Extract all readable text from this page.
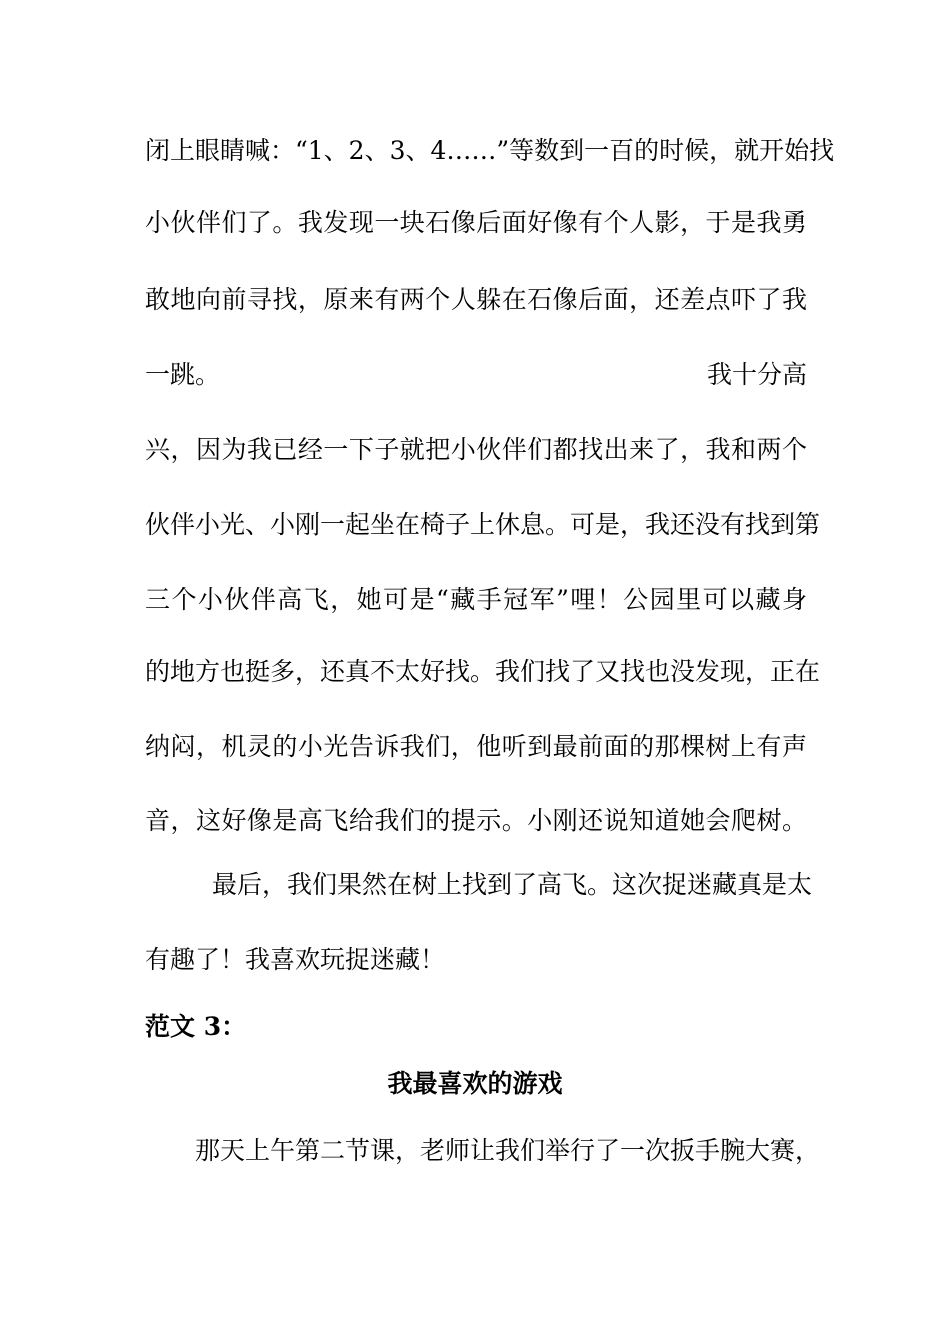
闭上眼睛喊：“1、2、3、4……”等数到一百的时候，就开始找
小伙伴们了。我发现一块石像后面好像有个人影，于是我勇
敢地向前寻找，原来有两个人躲在石像后面，还差点吓了我
一跳。	我十分高
兴，因为我已经一下子就把小伙伴们都找出来了，我和两个
伙伴小光、小刚一起坐在椅子上休息。可是，我还没有找到第
三个小伙伴高飞，她可是“藏手冠军”哩！公园里可以藏身
的地方也挺多，还真不太好找。我们找了又找也没发现，正在
纳闷，机灵的小光告诉我们，他听到最前面的那棵树上有声
音，这好像是高飞给我们的提示。小刚还说知道她会爬树。
最后，我们果然在树上找到了高飞。这次捉迷藏真是太
有趣了！我喜欢玩捉迷藏！
范文 3：
我最喜欢的游戏
那天上午第二节课，老师让我们举行了一次扳手腕大赛，
